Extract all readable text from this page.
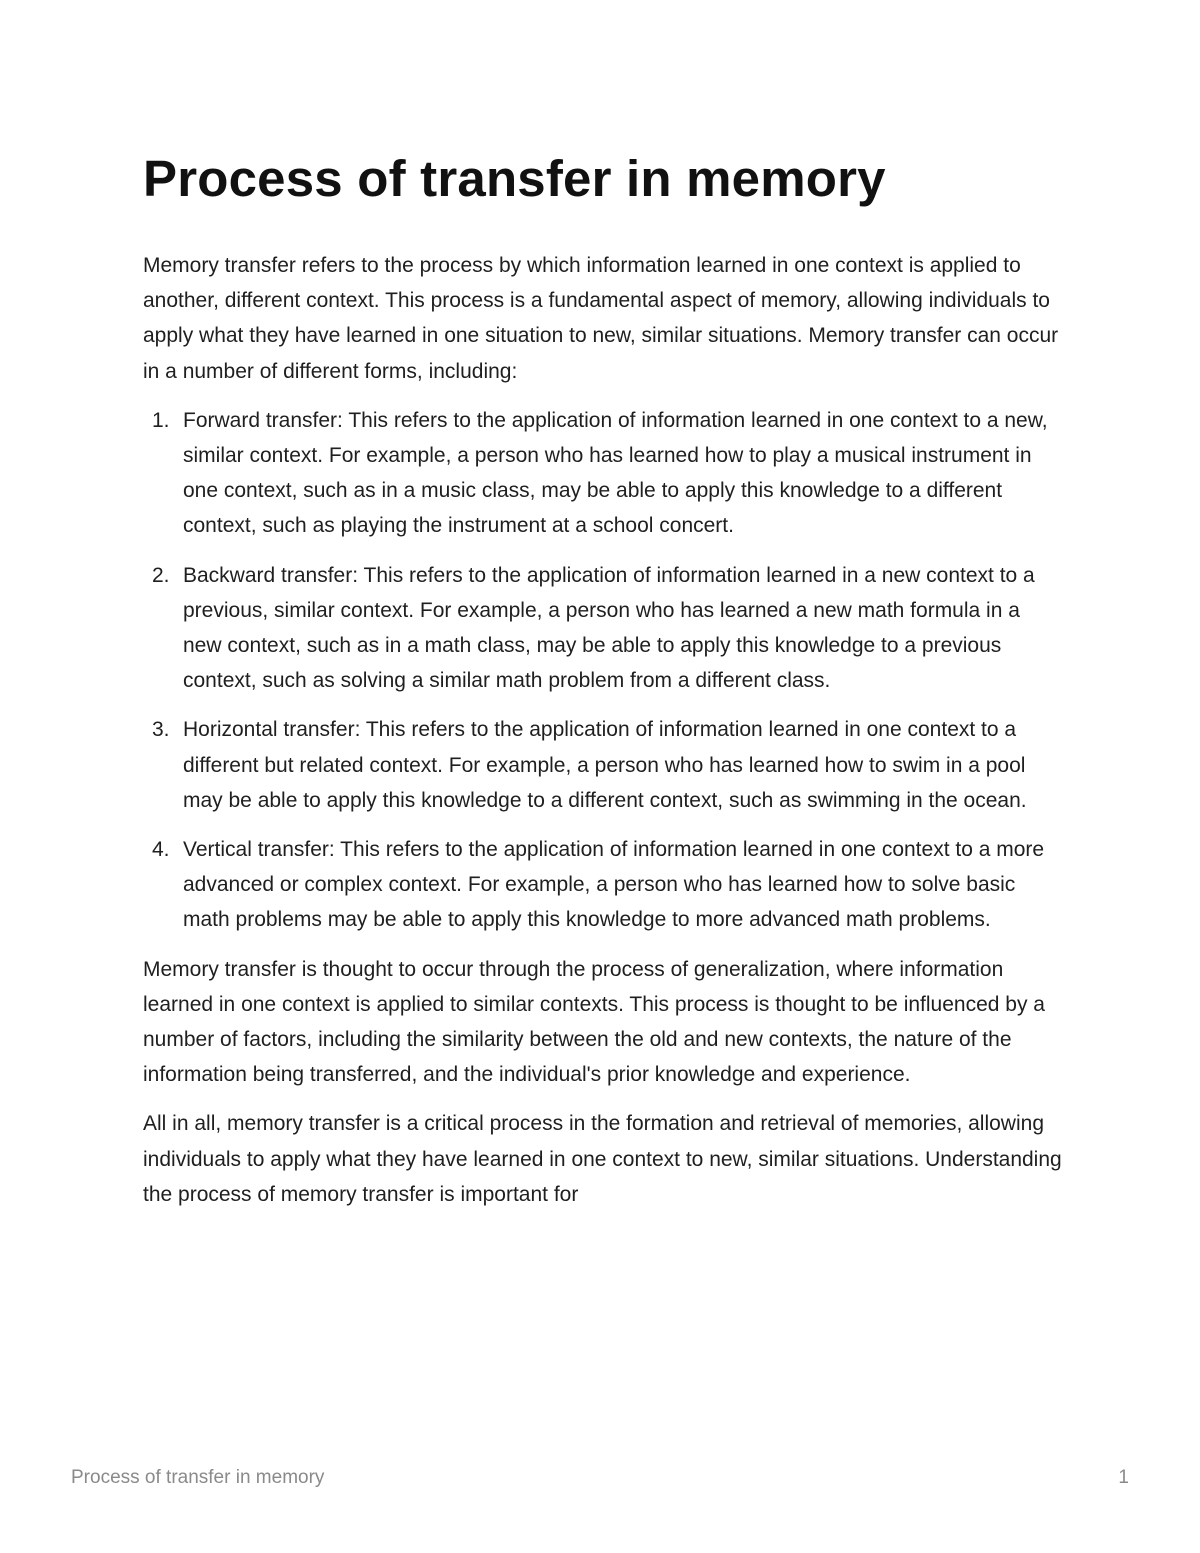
Process of transfer in memory

Memory transfer refers to the process by which information learned in one context is applied to another, different context. This process is a fundamental aspect of memory, allowing individuals to apply what they have learned in one situation to new, similar situations. Memory transfer can occur in a number of different forms, including:

1. Forward transfer: This refers to the application of information learned in one context to a new, similar context. For example, a person who has learned how to play a musical instrument in one context, such as in a music class, may be able to apply this knowledge to a different context, such as playing the instrument at a school concert.
2. Backward transfer: This refers to the application of information learned in a new context to a previous, similar context. For example, a person who has learned a new math formula in a new context, such as in a math class, may be able to apply this knowledge to a previous context, such as solving a similar math problem from a different class.
3. Horizontal transfer: This refers to the application of information learned in one context to a different but related context. For example, a person who has learned how to swim in a pool may be able to apply this knowledge to a different context, such as swimming in the ocean.
4. Vertical transfer: This refers to the application of information learned in one context to a more advanced or complex context. For example, a person who has learned how to solve basic math problems may be able to apply this knowledge to more advanced math problems.

Memory transfer is thought to occur through the process of generalization, where information learned in one context is applied to similar contexts. This process is thought to be influenced by a number of factors, including the similarity between the old and new contexts, the nature of the information being transferred, and the individual's prior knowledge and experience.

All in all, memory transfer is a critical process in the formation and retrieval of memories, allowing individuals to apply what they have learned in one context to new, similar situations. Understanding the process of memory transfer is important for

Process of transfer in memory	1
